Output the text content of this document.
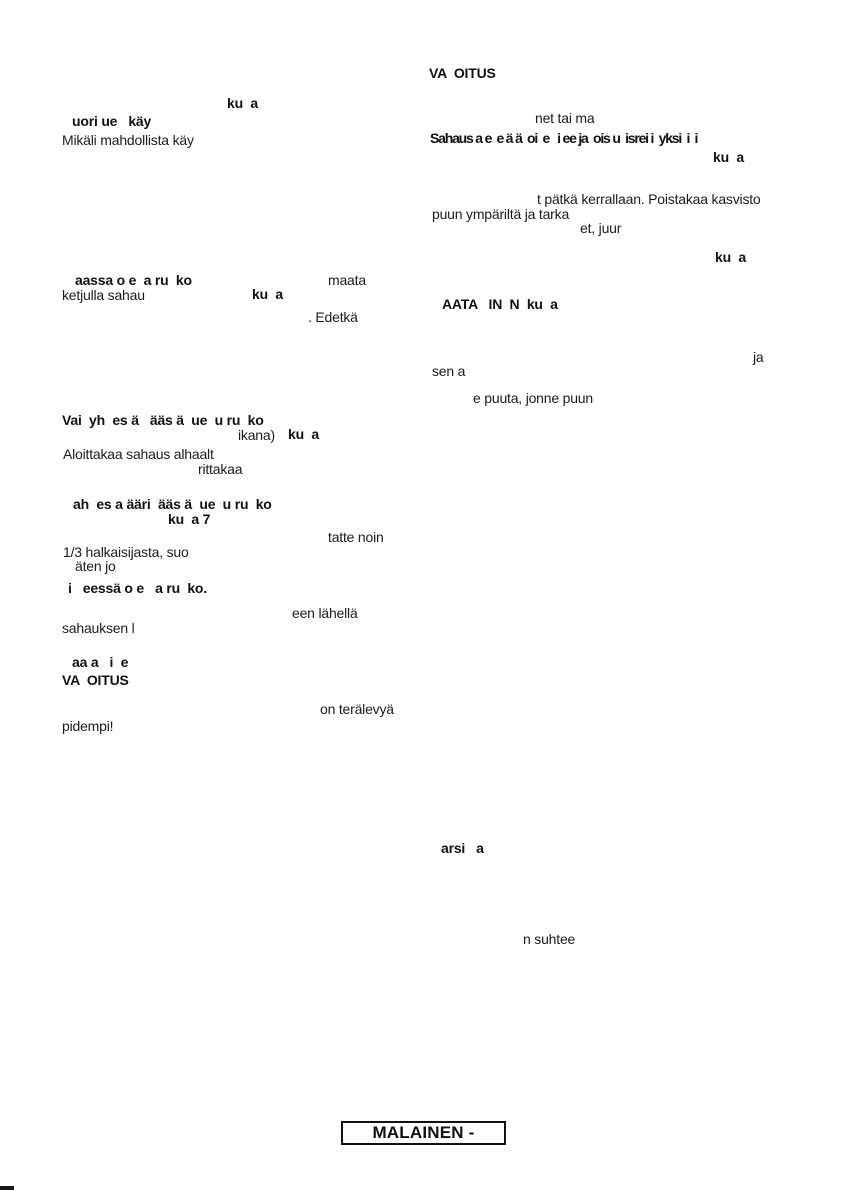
ku  a
uori ue   käy
Mikäli mahdollista käy
aassa o e  a ru  ko	maata
ketjulla sahau	ku  a
. Edetkä
Vai  yh  es ä   ääs ä  ue  u ru  ko
ikana) ku  a
Aloittakaa sahaus alhaalt
rittakaa
ah  es a ääri  ääs ä  ue  u ru  ko
ku  a 7
tatte noin
1/3 halkaisijasta, suo
äten jo
i   eessä o e   a ru  ko.
een lähellä
sahauksen l
aa a   i  e
VA  OITUS
on terälevyä
pidempi!
VA  OITUS
net tai ma
Sahaus a e  e ä ä  oi  e   i ee ja  ois u  isrei i  yksi  i  i
ku  a
t pätkä kerrallaan. Poistakaa kasvisto
puun ympäriltä ja tarka
et, juur
ku  a
AATA   IN  N  ku  a
ja
sen a
e puuta, jonne puun
arsi   a
n suhtee
MALAINEN -
